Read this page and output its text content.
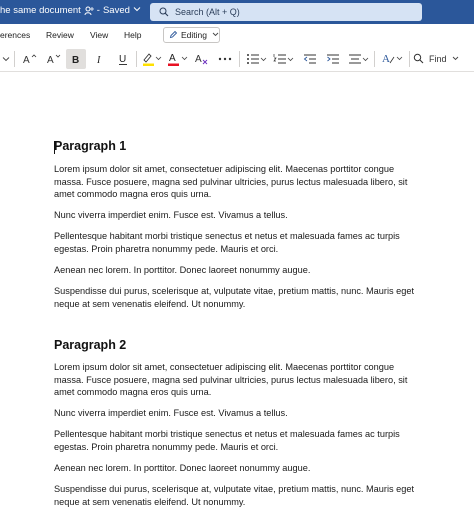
he same document - Saved
Search (Alt + Q)
erences Review View Help	Editing
A A B I U	A A	A	Find
Paragraph 1
Lorem ipsum dolor sit amet, consectetuer adipiscing elit. Maecenas porttitor congue massa. Fusce posuere, magna sed pulvinar ultricies, purus lectus malesuada libero, sit amet commodo magna eros quis urna.
Nunc viverra imperdiet enim. Fusce est. Vivamus a tellus.
Pellentesque habitant morbi tristique senectus et netus et malesuada fames ac turpis egestas. Proin pharetra nonummy pede. Mauris et orci.
Aenean nec lorem. In porttitor. Donec laoreet nonummy augue.
Suspendisse dui purus, scelerisque at, vulputate vitae, pretium mattis, nunc. Mauris eget neque at sem venenatis eleifend. Ut nonummy.
Paragraph 2
Lorem ipsum dolor sit amet, consectetuer adipiscing elit. Maecenas porttitor congue massa. Fusce posuere, magna sed pulvinar ultricies, purus lectus malesuada libero, sit amet commodo magna eros quis urna.
Nunc viverra imperdiet enim. Fusce est. Vivamus a tellus.
Pellentesque habitant morbi tristique senectus et netus et malesuada fames ac turpis egestas. Proin pharetra nonummy pede. Mauris et orci.
Aenean nec lorem. In porttitor. Donec laoreet nonummy augue.
Suspendisse dui purus, scelerisque at, vulputate vitae, pretium mattis, nunc. Mauris eget neque at sem venenatis eleifend. Ut nonummy.
